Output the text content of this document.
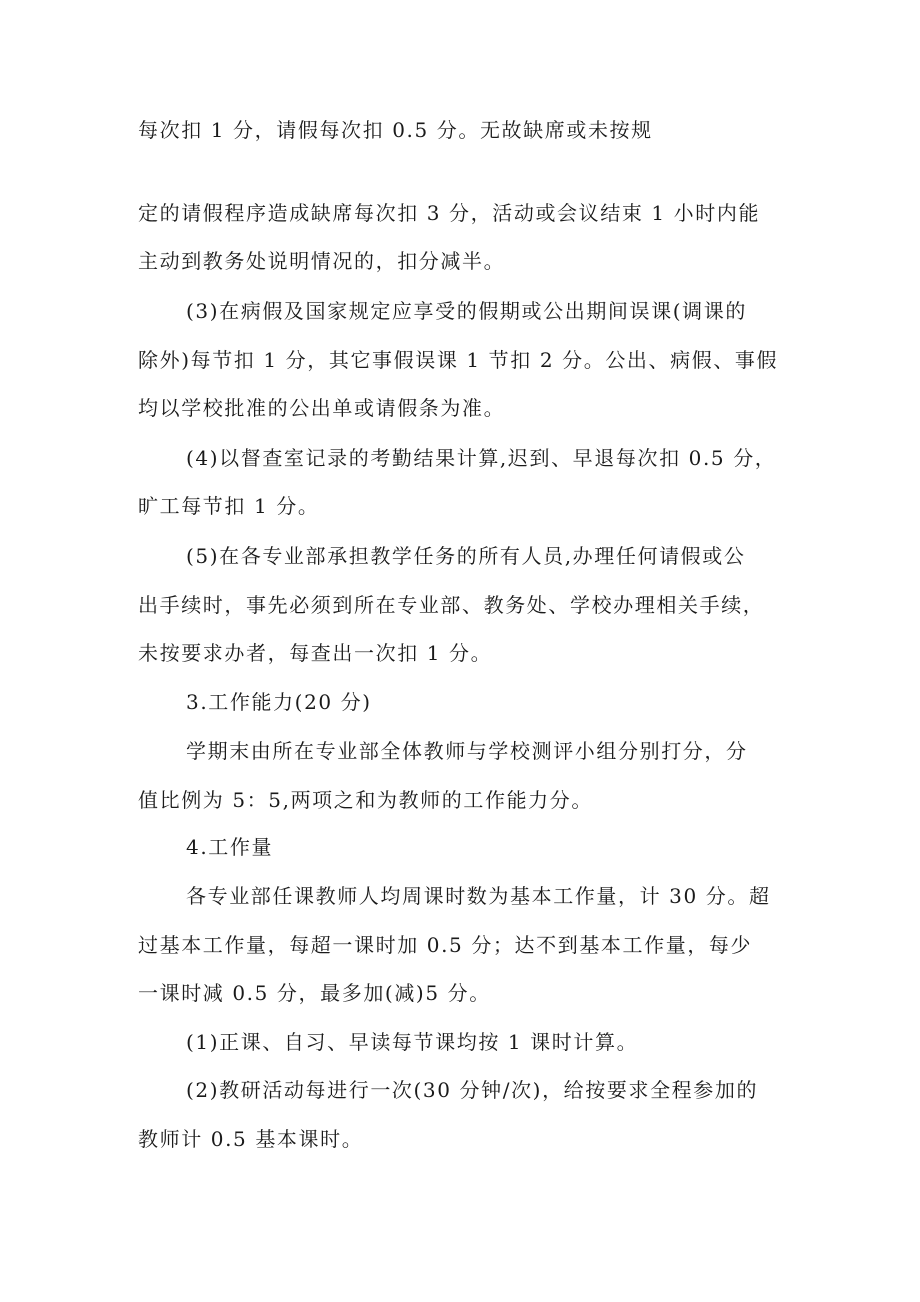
每次扣 1 分，请假每次扣 0.5 分。无故缺席或未按规
定的请假程序造成缺席每次扣 3 分，活动或会议结束 1 小时内能
主动到教务处说明情况的，扣分减半。
(3)在病假及国家规定应享受的假期或公出期间误课(调课的
除外)每节扣 1 分，其它事假误课 1 节扣 2 分。公出、病假、事假
均以学校批准的公出单或请假条为准。
(4)以督查室记录的考勤结果计算,迟到、早退每次扣 0.5 分，
旷工每节扣 1 分。
(5)在各专业部承担教学任务的所有人员,办理任何请假或公
出手续时，事先必须到所在专业部、教务处、学校办理相关手续，
未按要求办者，每查出一次扣 1 分。
3.工作能力(20 分)
学期末由所在专业部全体教师与学校测评小组分别打分，分
值比例为 5：5,两项之和为教师的工作能力分。
4.工作量
各专业部任课教师人均周课时数为基本工作量，计 30 分。超
过基本工作量，每超一课时加 0.5 分；达不到基本工作量，每少
一课时减 0.5 分，最多加(减)5 分。
(1)正课、自习、早读每节课均按 1 课时计算。
(2)教研活动每进行一次(30 分钟/次)，给按要求全程参加的
教师计 0.5 基本课时。
